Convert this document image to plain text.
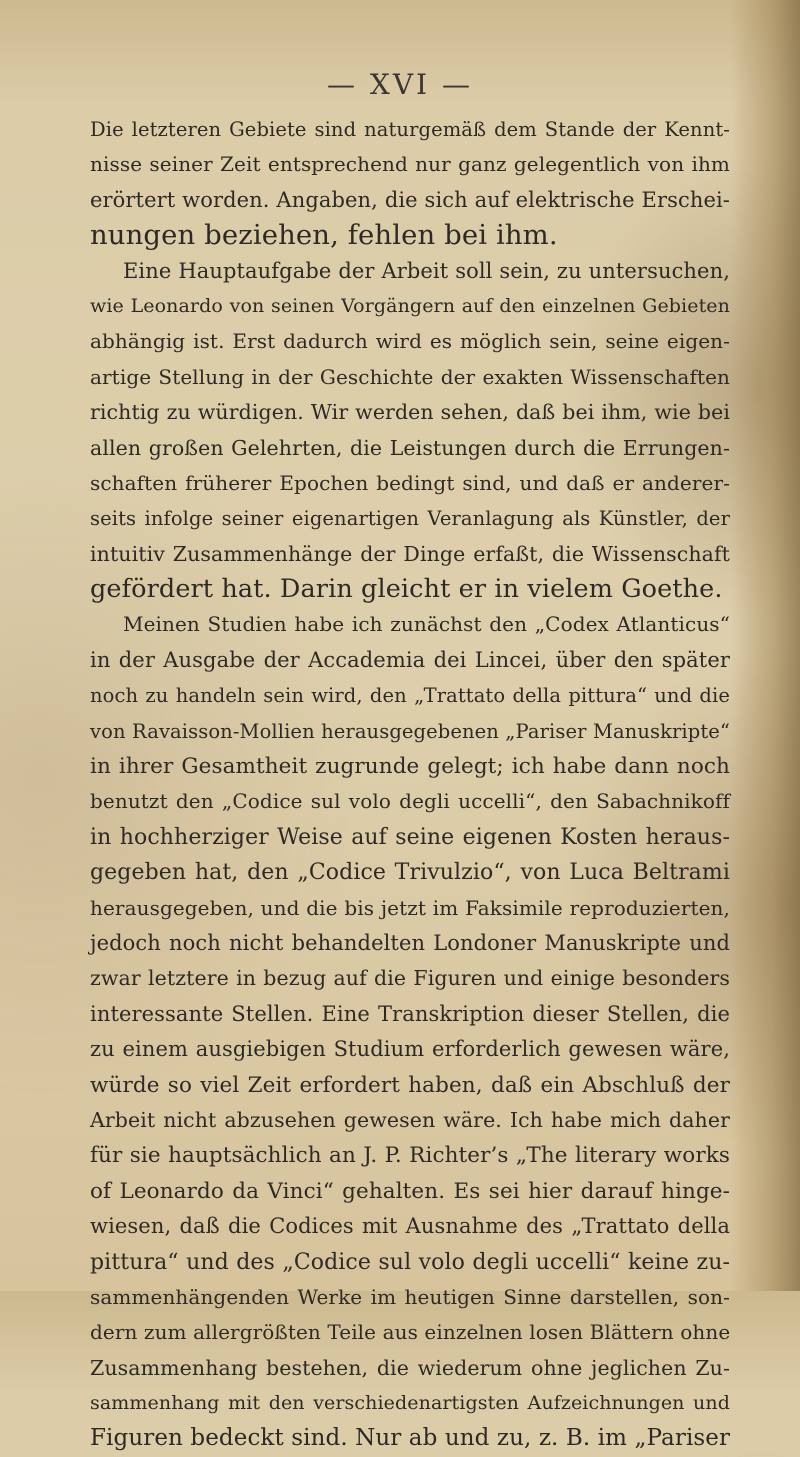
— XVI —
Die letzteren Gebiete sind naturgemäß dem Stande der Kennt-
nisse seiner Zeit entsprechend nur ganz gelegentlich von ihm
erörtert worden. Angaben, die sich auf elektrische Erschei-
nungen beziehen, fehlen bei ihm.
Eine Hauptaufgabe der Arbeit soll sein, zu untersuchen,
wie Leonardo von seinen Vorgängern auf den einzelnen Gebieten
abhängig ist. Erst dadurch wird es möglich sein, seine eigen-
artige Stellung in der Geschichte der exakten Wissenschaften
richtig zu würdigen. Wir werden sehen, daß bei ihm, wie bei
allen großen Gelehrten, die Leistungen durch die Errungen-
schaften früherer Epochen bedingt sind, und daß er anderer-
seits infolge seiner eigenartigen Veranlagung als Künstler, der
intuitiv Zusammenhänge der Dinge erfaßt, die Wissenschaft
gefördert hat. Darin gleicht er in vielem Goethe.
Meinen Studien habe ich zunächst den „Codex Atlanticus“
in der Ausgabe der Accademia dei Lincei, über den später
noch zu handeln sein wird, den „Trattato della pittura“ und die
von Ravaisson-Mollien herausgegebenen „Pariser Manuskripte“
in ihrer Gesamtheit zugrunde gelegt; ich habe dann noch
benutzt den „Codice sul volo degli uccelli“, den Sabachnikoff
in hochherziger Weise auf seine eigenen Kosten heraus-
gegeben hat, den „Codice Trivulzio“, von Luca Beltrami
herausgegeben, und die bis jetzt im Faksimile reproduzierten,
jedoch noch nicht behandelten Londoner Manuskripte und
zwar letztere in bezug auf die Figuren und einige besonders
interessante Stellen. Eine Transkription dieser Stellen, die
zu einem ausgiebigen Studium erforderlich gewesen wäre,
würde so viel Zeit erfordert haben, daß ein Abschluß der
Arbeit nicht abzusehen gewesen wäre. Ich habe mich daher
für sie hauptsächlich an J. P. Richter’s „The literary works
of Leonardo da Vinci“ gehalten. Es sei hier darauf hinge-
wiesen, daß die Codices mit Ausnahme des „Trattato della
pittura“ und des „Codice sul volo degli uccelli“ keine zu-
sammenhängenden Werke im heutigen Sinne darstellen, son-
dern zum allergrößten Teile aus einzelnen losen Blättern ohne
Zusammenhang bestehen, die wiederum ohne jeglichen Zu-
sammenhang mit den verschiedenartigsten Aufzeichnungen und
Figuren bedeckt sind. Nur ab und zu, z. B. im „Pariser
